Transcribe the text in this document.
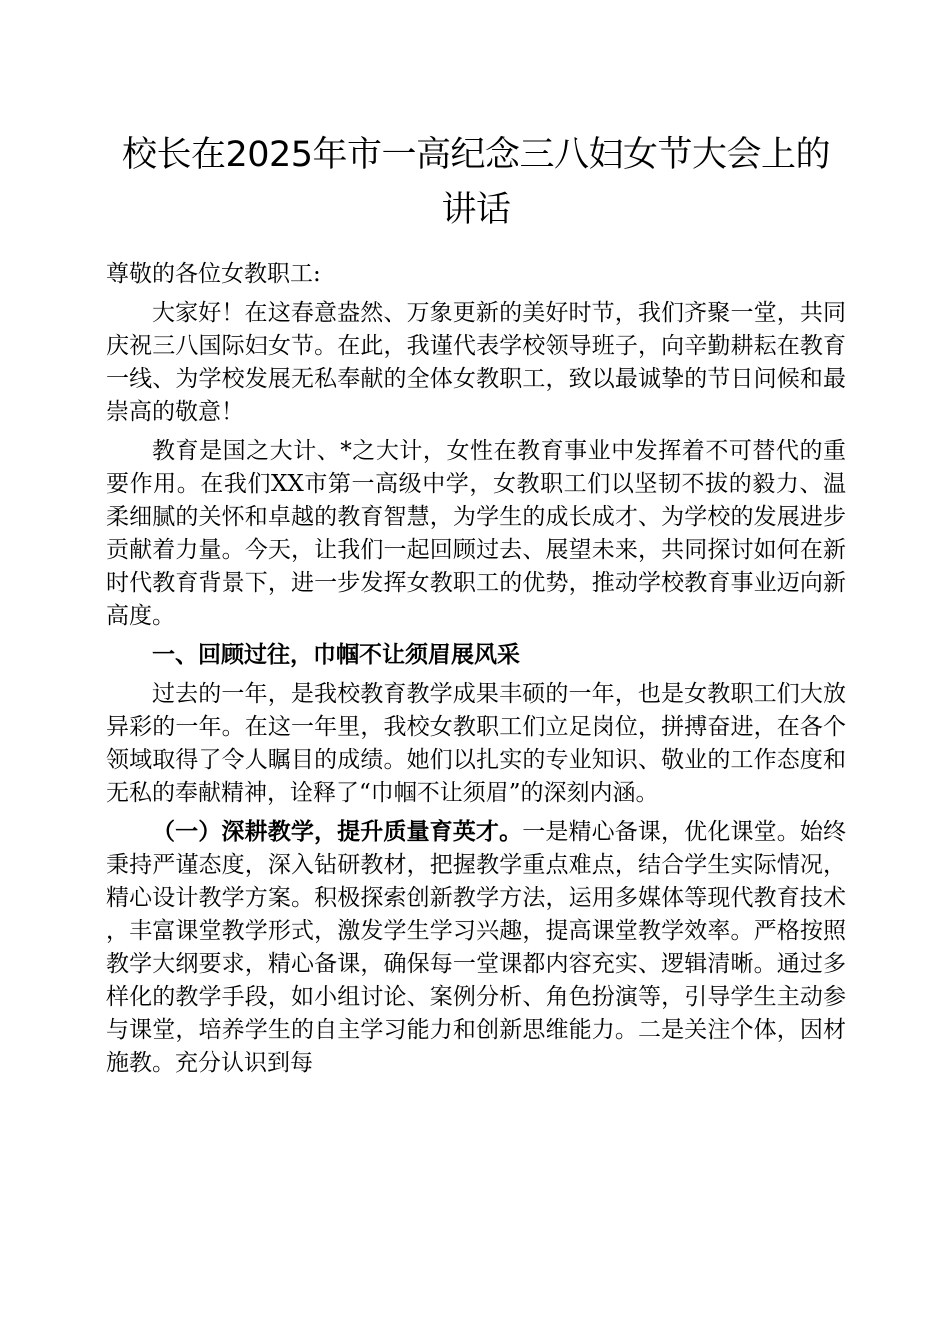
校长在2025年市一高纪念三八妇女节大会上的讲话

尊敬的各位女教职工:

大家好！在这春意盎然、万象更新的美好时节，我们齐聚一堂，共同庆祝三八国际妇女节。在此，我谨代表学校领导班子，向辛勤耕耘在教育一线、为学校发展无私奉献的全体女教职工，致以最诚挚的节日问候和最崇高的敬意！

教育是国之大计、*之大计，女性在教育事业中发挥着不可替代的重要作用。在我们XX市第一高级中学，女教职工们以坚韧不拔的毅力、温柔细腻的关怀和卓越的教育智慧，为学生的成长成才、为学校的发展进步贡献着力量。今天，让我们一起回顾过去、展望未来，共同探讨如何在新时代教育背景下，进一步发挥女教职工的优势，推动学校教育事业迈向新高度。

一、回顾过往，巾帼不让须眉展风采

过去的一年，是我校教育教学成果丰硕的一年，也是女教职工们大放异彩的一年。在这一年里，我校女教职工们立足岗位，拼搏奋进，在各个领域取得了令人瞩目的成绩。她们以扎实的专业知识、敬业的工作态度和无私的奉献精神，诠释了“巾帼不让须眉”的深刻内涵。

（一）深耕教学，提升质量育英才。一是精心备课，优化课堂。始终秉持严谨态度，深入钻研教材，把握教学重点难点，结合学生实际情况，精心设计教学方案。积极探索创新教学方法，运用多媒体等现代教育技术，丰富课堂教学形式，激发学生学习兴趣，提高课堂教学效率。严格按照教学大纲要求，精心备课，确保每一堂课都内容充实、逻辑清晰。通过多样化的教学手段，如小组讨论、案例分析、角色扮演等，引导学生主动参与课堂，培养学生的自主学习能力和创新思维能力。二是关注个体，因材施教。充分认识到每
